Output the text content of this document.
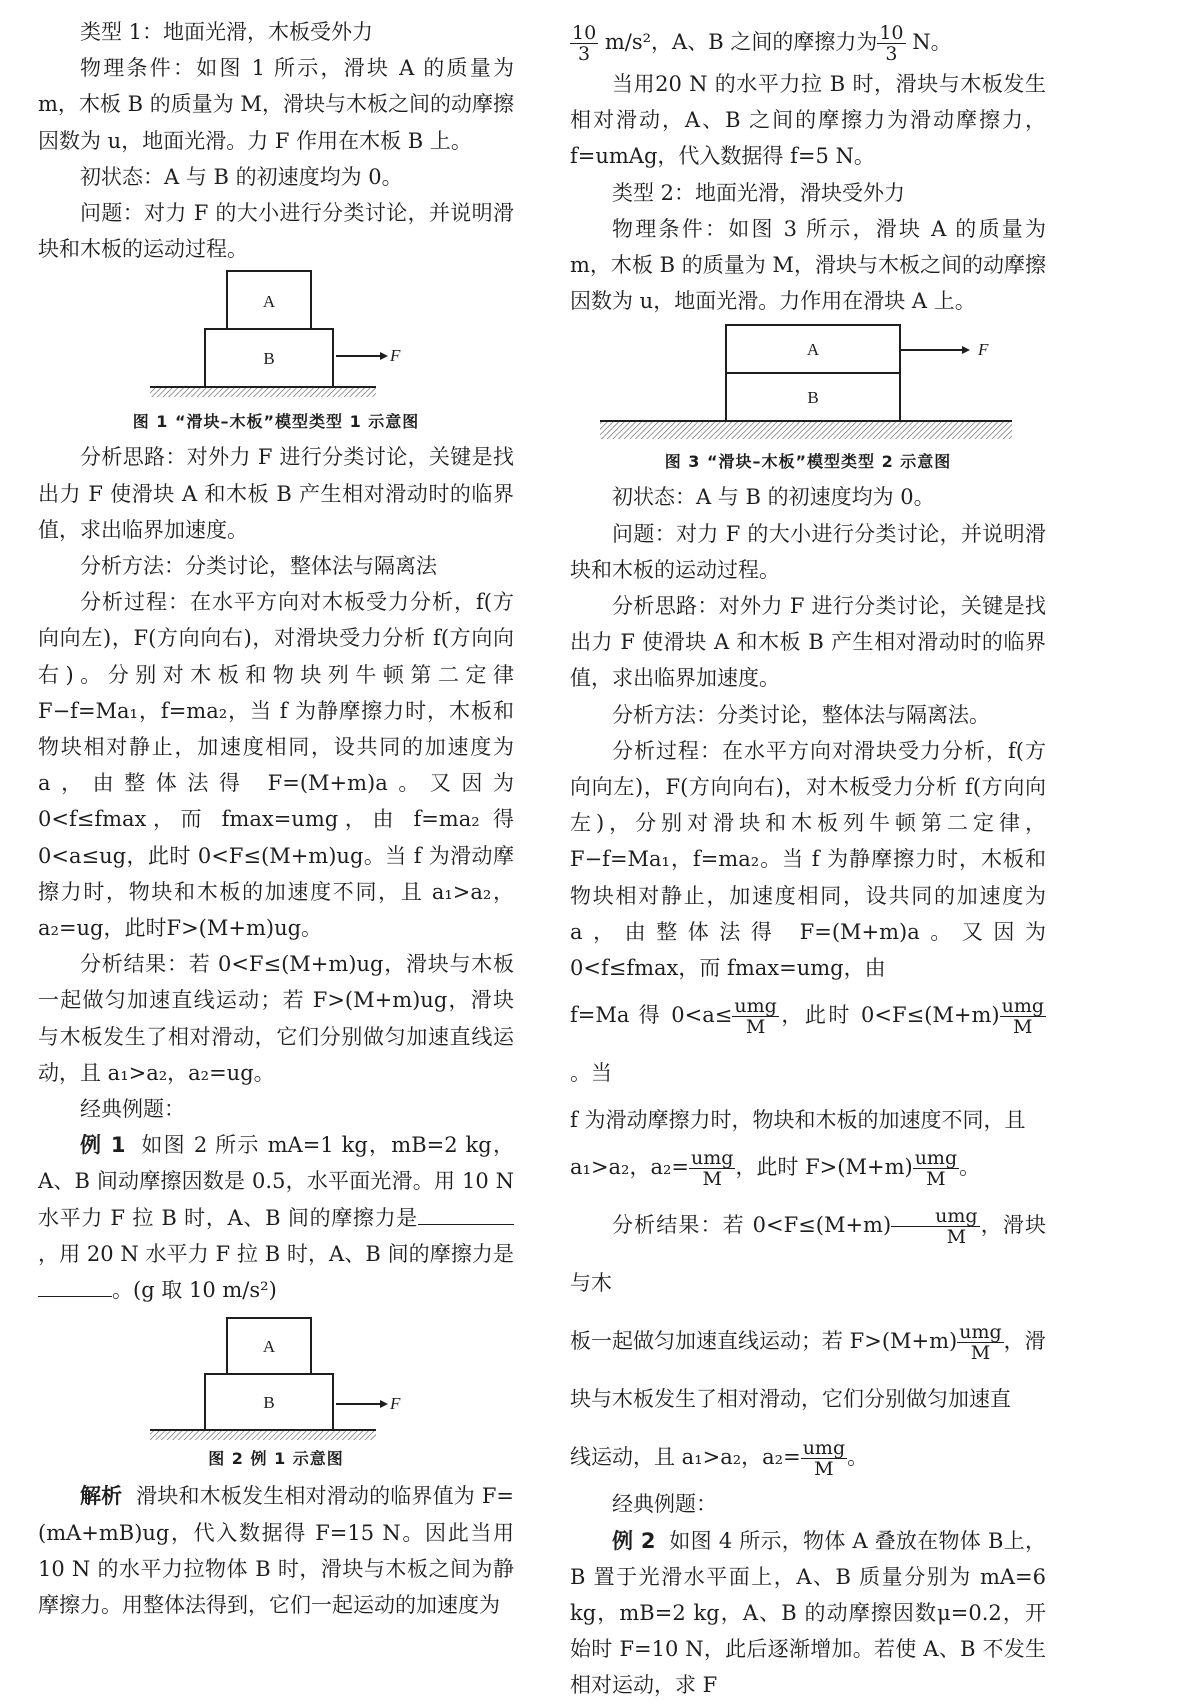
类型 1：地面光滑，木板受外力

物理条件：如图 1 所示，滑块 A 的质量为 m，木板 B 的质量为 M，滑块与木板之间的动摩擦因数为 u，地面光滑。力 F 作用在木板 B 上。

初状态：A 与 B 的初速度均为 0。

问题：对力 F 的大小进行分类讨论，并说明滑块和木板的运动过程。

A
B	F
图 1 “滑块–木板”模型类型 1 示意图

分析思路：对外力 F 进行分类讨论，关键是找出力 F 使滑块 A 和木板 B 产生相对滑动时的临界值，求出临界加速度。

分析方法：分类讨论，整体法与隔离法

分析过程：在水平方向对木板受力分析，f(方向向左)，F(方向向右)，对滑块受力分析 f(方向向右)。分别对木板和物块列牛顿第二定律 F−f=Ma₁，f=ma₂，当 f 为静摩擦力时，木板和物块相对静止，加速度相同，设共同的加速度为 a，由整体法得 F=(M+m)a。又因为 0<f≤fmax，而 fmax=umg，由 f=ma₂ 得 0<a≤ug，此时 0<F≤(M+m)ug。当 f 为滑动摩擦力时，物块和木板的加速度不同，且 a₁>a₂，a₂=ug，此时F>(M+m)ug。

分析结果：若 0<F≤(M+m)ug，滑块与木板一起做匀加速直线运动；若 F>(M+m)ug，滑块与木板发生了相对滑动，它们分别做匀加速直线运动，且 a₁>a₂，a₂=ug。

经典例题：

例 1 如图 2 所示 mA=1 kg，mB=2 kg，A、B 间动摩擦因数是 0.5，水平面光滑。用 10 N 水平力 F 拉 B 时，A、B 间的摩擦力是，用 20 N 水平力 F 拉 B 时，A、B 间的摩擦力是。(g 取 10 m/s²)

A
B	F
图 2 例 1 示意图

解析 滑块和木板发生相对滑动的临界值为 F=(mA+mB)ug，代入数据得 F=15 N。因此当用 10 N 的水平力拉物体 B 时，滑块与木板之间为静摩擦力。用整体法得到，它们一起运动的加速度为

$\frac{10}{3} m/s^2$，A、B 之间的摩擦力为 $\frac{10}{3}$ N。

当用20 N 的水平力拉 B 时，滑块与木板发生相对滑动，A、B 之间的摩擦力为滑动摩擦力，f=umAg，代入数据得 f=5 N。

类型 2：地面光滑，滑块受外力

物理条件：如图 3 所示，滑块 A 的质量为 m，木板 B 的质量为 M，滑块与木板之间的动摩擦因数为 u，地面光滑。力作用在滑块 A 上。

A
B
F
图 3 “滑块–木板”模型类型 2 示意图

初状态：A 与 B 的初速度均为 0。

问题：对力 F 的大小进行分类讨论，并说明滑块和木板的运动过程。

分析思路：对外力 F 进行分类讨论，关键是找出力 F 使滑块 A 和木板 B 产生相对滑动时的临界值，求出临界加速度。

分析方法：分类讨论，整体法与隔离法。

分析过程：在水平方向对滑块受力分析，f(方向向左)，F(方向向右)，对木板受力分析 f(方向向左)，分别对滑块和木板列牛顿第二定律，F−f=Ma₁，f=ma₂。当 f 为静摩擦力时，木板和物块相对静止，加速度相同，设共同的加速度为 a，由整体法得 F=(M+m)a。又因为 0<f≤fmax，而 fmax=umg，由

f=Ma 得 $0<a\le \frac{\text{umg}}{M}$ ，此时 $0<F\le(M+m) \frac{\text{umg}}{M}$
。当

f 为滑动摩擦力时，物块和木板的加速度不同，且

a₁>a₂，$a_2= \frac{\text{umg}}{M}$ ，此时 $F>(M+m) \frac{\text{umg}}{M}$ 。

分析结果：若 $0<F\le(M+m) \frac{\text{umg}}{M}$ ，滑块与木

板一起做匀加速直线运动；若 $F>(M+m) \frac{\text{umg}}{M}$ ，滑

块与木板发生了相对滑动，它们分别做匀加速直

线运动，且 a₁>a₂，$a_2= \frac{\text{umg}}{M}$ 。

经典例题：

例 2 如图 4 所示，物体 A 叠放在物体 B上，B 置于光滑水平面上，A、B 质量分别为 mA=6 kg，mB=2 kg，A、B 的动摩擦因数μ=0.2，开始时 F=10 N，此后逐渐增加。若使 A、B 不发生相对运动，求 F
